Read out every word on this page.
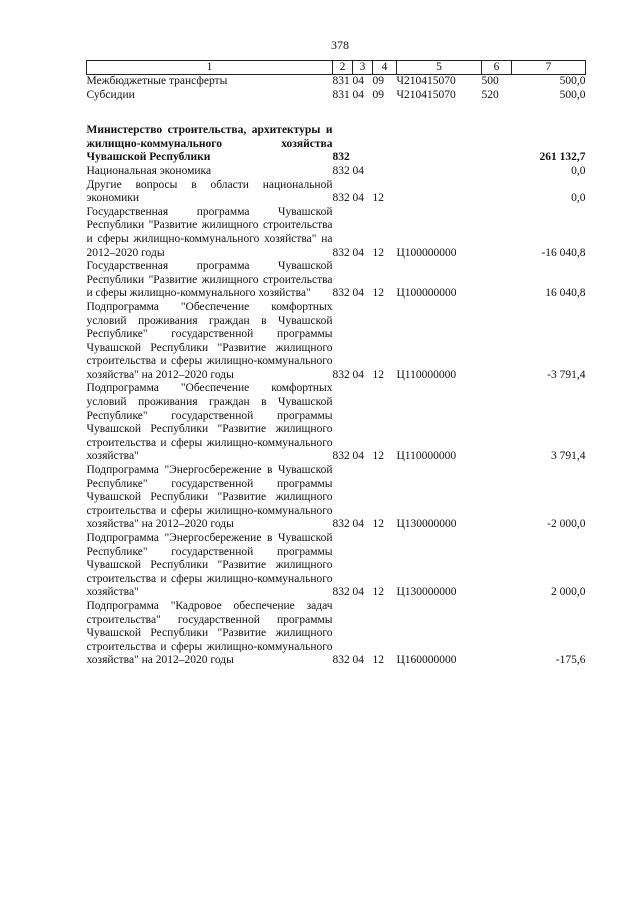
378
1	2	3	4	5	6	7
Межбюджетные трансферты	831	04	09	Ч210415070	500	500,0
Субсидии	831	04	09	Ч210415070	520	500,0

Министерство строительства, архитектуры и жилищно-коммунального хозяйства Чувашской Республики	832					261 132,7
Национальная экономика	832	04				0,0
Другие вопросы в области национальной экономики	832	04	12			0,0
Государственная программа Чувашской Республики "Развитие жилищного строительства и сферы жилищно-коммунального хозяйства" на 2012–2020 годы	832	04	12	Ц100000000		-16 040,8
Государственная программа Чувашской Республики "Развитие жилищного строительства и сферы жилищно-коммунального хозяйства"	832	04	12	Ц100000000		16 040,8
Подпрограмма "Обеспечение комфортных условий проживания граждан в Чувашской Республике" государственной программы Чувашской Республики "Развитие жилищного строительства и сферы жилищно-коммунального хозяйства" на 2012–2020 годы	832	04	12	Ц110000000		-3 791,4
Подпрограмма "Обеспечение комфортных условий проживания граждан в Чувашской Республике" государственной программы Чувашской Республики "Развитие жилищного строительства и сферы жилищно-коммунального хозяйства"	832	04	12	Ц110000000		3 791,4
Подпрограмма "Энергосбережение в Чувашской Республике" государственной программы Чувашской Республики "Развитие жилищного строительства и сферы жилищно-коммунального хозяйства" на 2012–2020 годы	832	04	12	Ц130000000		-2 000,0
Подпрограмма "Энергосбережение в Чувашской Республике" государственной программы Чувашской Республики "Развитие жилищного строительства и сферы жилищно-коммунального хозяйства"	832	04	12	Ц130000000		2 000,0
Подпрограмма "Кадровое обеспечение задач строительства" государственной программы Чувашской Республики "Развитие жилищного строительства и сферы жилищно-коммунального хозяйства" на 2012–2020 годы	832	04	12	Ц160000000		-175,6
